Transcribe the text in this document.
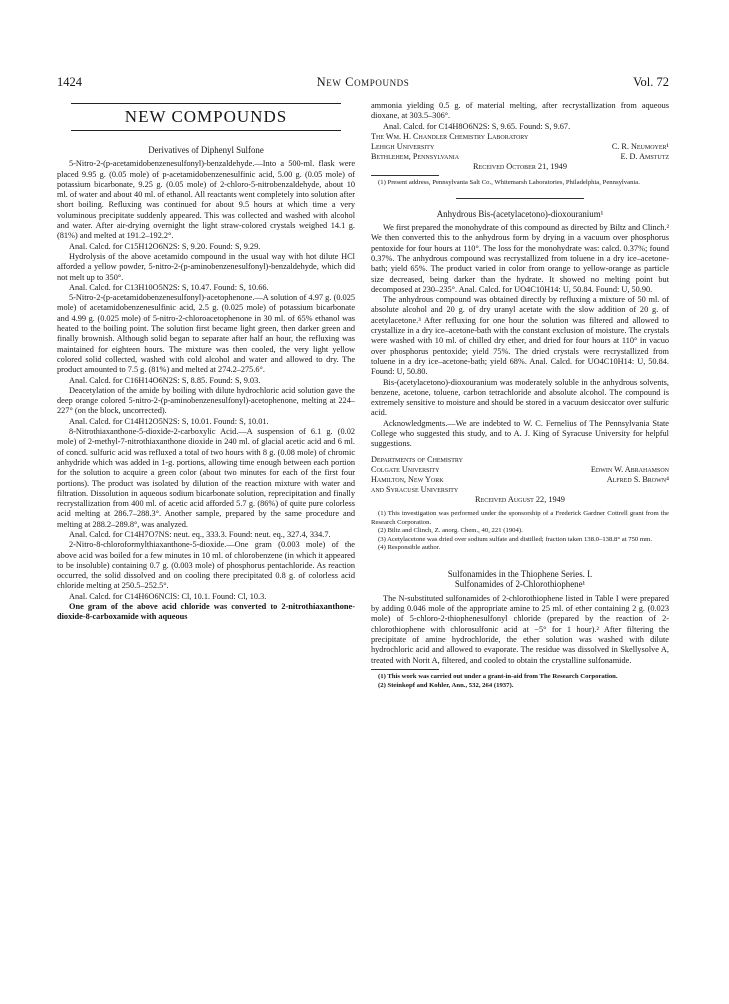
1424	New Compounds	Vol. 72

NEW COMPOUNDS

Derivatives of Diphenyl Sulfone

5-Nitro-2-(p-acetamidobenzenesulfonyl)-benzaldehyde.—Into a 500-ml. flask were placed 9.95 g. (0.05 mole) of p-acetamidobenzenesulfinic acid, 5.00 g. (0.05 mole) of potassium bicarbonate, 9.25 g. (0.05 mole) of 2-chloro-5-nitrobenzaldehyde, about 10 ml. of water and about 40 ml. of ethanol. All reactants went completely into solution after short boiling. Refluxing was continued for about 9.5 hours at which time a very voluminous precipitate suddenly appeared. This was collected and washed with alcohol and water. After air-drying overnight the light straw-colored crystals weighed 14.1 g. (81%) and melted at 191.2–192.2°.

Anal. Calcd. for C15H12O6N2S: S, 9.20. Found: S, 9.29.

Hydrolysis of the above acetamido compound in the usual way with hot dilute HCl afforded a yellow powder, 5-nitro-2-(p-aminobenzenesulfonyl)-benzaldehyde, which did not melt up to 350°.

Anal. Calcd. for C13H10O5N2S: S, 10.47. Found: S, 10.66.

5-Nitro-2-(p-acetamidobenzenesulfonyl)-acetophenone.—A solution of 4.97 g. (0.025 mole) of acetamidobenzenesulfinic acid, 2.5 g. (0.025 mole) of potassium bicarbonate and 4.99 g. (0.025 mole) of 5-nitro-2-chloroacetophenone in 30 ml. of 65% ethanol was heated to the boiling point. The solution first became light green, then darker green and finally brownish. Although solid began to separate after half an hour, the refluxing was maintained for eighteen hours. The mixture was then cooled, the very light yellow colored solid collected, washed with cold alcohol and water and allowed to dry. The product amounted to 7.5 g. (81%) and melted at 274.2–275.6°.

Anal. Calcd. for C16H14O6N2S: S, 8.85. Found: S, 9.03.

Deacetylation of the amide by boiling with dilute hydrochloric acid solution gave the deep orange colored 5-nitro-2-(p-aminobenzenesulfonyl)-acetophenone, melting at 224–227° (on the block, uncorrected).

Anal. Calcd. for C14H12O5N2S: S, 10.01. Found: S, 10.01.

8-Nitrothiaxanthone-5-dioxide-2-carboxylic Acid.—A suspension of 6.1 g. (0.02 mole) of 2-methyl-7-nitrothiaxanthone dioxide in 240 ml. of glacial acetic acid and 6 ml. of concd. sulfuric acid was refluxed a total of two hours with 8 g. (0.08 mole) of chromic anhydride which was added in 1-g. portions, allowing time enough between each portion for the solution to acquire a green color (about two minutes for each of the first four portions). The product was isolated by dilution of the reaction mixture with water and filtration. Dissolution in aqueous sodium bicarbonate solution, reprecipitation and finally recrystallization from 400 ml. of acetic acid afforded 5.7 g. (86%) of quite pure colorless acid melting at 286.7–288.3°. Another sample, prepared by the same procedure and melting at 288.2–289.8°, was analyzed.

Anal. Calcd. for C14H7O7NS: neut. eq., 333.3. Found: neut. eq., 327.4, 334.7.

2-Nitro-8-chloroformylthiaxanthone-5-dioxide.—One gram (0.003 mole) of the above acid was boiled for a few minutes in 10 ml. of chlorobenzene (in which it appeared to be insoluble) containing 0.7 g. (0.003 mole) of phosphorus pentachloride. As reaction occurred, the solid dissolved and on cooling there precipitated 0.8 g. of colorless acid chloride melting at 250.5–252.5°.

Anal. Calcd. for C14H6O6NClS: Cl, 10.1. Found: Cl, 10.3.

One gram of the above acid chloride was converted to 2-nitrothiaxanthone-dioxide-8-carboxamide with aqueous

ammonia yielding 0.5 g. of material melting, after recrystallization from aqueous dioxane, at 303.5–306°.

Anal. Calcd. for C14H8O6N2S: S, 9.65. Found: S, 9.67.

The Wm. H. Chandler Chemistry Laboratory

Lehigh University	C. R. Neumoyer¹
Bethlehem, Pennsylvania	E. D. Amstutz

Received October 21, 1949

(1) Present address, Pennsylvania Salt Co., Whitemarsh Laboratories, Philadelphia, Pennsylvania.

Anhydrous Bis-(acetylacetono)-dioxouranium¹

We first prepared the monohydrate of this compound as directed by Biltz and Clinch.² We then converted this to the anhydrous form by drying in a vacuum over phosphorus pentoxide for four hours at 110°. The loss for the monohydrate was: calcd. 0.37%; found 0.37%. The anhydrous compound was recrystallized from toluene in a dry ice–acetone-bath; yield 65%. The product varied in color from orange to yellow-orange as particle size decreased, being darker than the hydrate. It showed no melting point but decomposed at 230–235°. Anal. Calcd. for UO4C10H14: U, 50.84. Found: U, 50.90.

The anhydrous compound was obtained directly by refluxing a mixture of 50 ml. of absolute alcohol and 20 g. of dry uranyl acetate with the slow addition of 20 g. of acetylacetone.³ After refluxing for one hour the solution was filtered and allowed to crystallize in a dry ice–acetone-bath with the constant exclusion of moisture. The crystals were washed with 10 ml. of chilled dry ether, and dried for four hours at 110° in vacuo over phosphorus pentoxide; yield 75%. The dried crystals were recrystallized from toluene in a dry ice–acetone-bath; yield 68%. Anal. Calcd. for UO4C10H14: U, 50.84. Found: U, 50.80.

Bis-(acetylacetono)-dioxouranium was moderately soluble in the anhydrous solvents, benzene, acetone, toluene, carbon tetrachloride and absolute alcohol. The compound is extremely sensitive to moisture and should be stored in a vacuum desiccator over sulfuric acid.

Acknowledgments.—We are indebted to W. C. Fernelius of The Pennsylvania State College who suggested this study, and to A. J. King of Syracuse University for helpful suggestions.

Departments of Chemistry

Colgate University	Edwin W. Abrahamson
Hamilton, New York	Alfred S. Brown⁴

and Syracuse University

Received August 22, 1949

(1) This investigation was performed under the sponsorship of a Frederick Gardner Cottrell grant from the Research Corporation.

(2) Biltz and Clinch, Z. anorg. Chem., 40, 221 (1904).

(3) Acetylacetone was dried over sodium sulfate and distilled; fraction taken 138.0–138.8° at 750 mm.

(4) Responsible author.

Sulfonamides in the Thiophene Series. I.
Sulfonamides of 2-Chlorothiophene¹

The N-substituted sulfonamides of 2-chlorothiophene listed in Table I were prepared by adding 0.046 mole of the appropriate amine to 25 ml. of ether containing 2 g. (0.023 mole) of 5-chloro-2-thiophenesulfonyl chloride (prepared by the reaction of 2-chlorothiophene with chlorosulfonic acid at −5° for 1 hour).² After filtering the precipitate of amine hydrochloride, the ether solution was washed with dilute hydrochloric acid and allowed to evaporate. The residue was dissolved in Skellysolve A, treated with Norit A, filtered, and cooled to obtain the crystalline sulfonamide.

(1) This work was carried out under a grant-in-aid from The Research Corporation.

(2) Steinkopf and Kohler, Ann., 532, 264 (1937).
